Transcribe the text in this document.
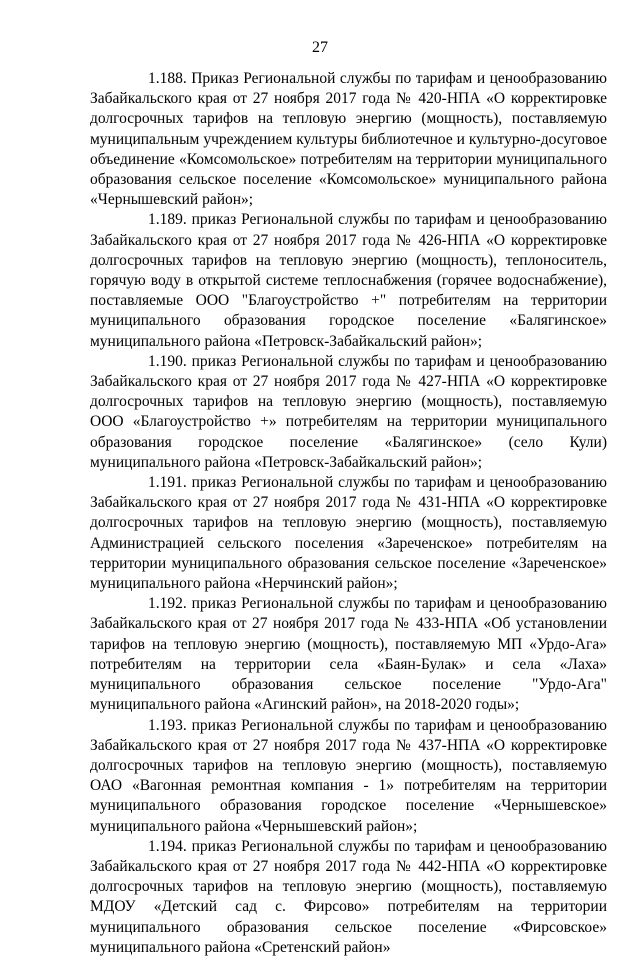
27

1.188. Приказ Региональной службы по тарифам и ценообразованию Забайкальского края от 27 ноября 2017 года № 420-НПА «О корректировке долгосрочных тарифов на тепловую энергию (мощность), поставляемую муниципальным учреждением культуры библиотечное и культурно-досуговое объединение «Комсомольское» потребителям на территории муниципального образования сельское поселение «Комсомольское» муниципального района «Чернышевский район»;

1.189. приказ Региональной службы по тарифам и ценообразованию Забайкальского края от 27 ноября 2017 года № 426-НПА «О корректировке долгосрочных тарифов на тепловую энергию (мощность), теплоноситель, горячую воду в открытой системе теплоснабжения (горячее водоснабжение), поставляемые ООО "Благоустройство +" потребителям на территории муниципального образования городское поселение «Балягинское» муниципального района «Петровск-Забайкальский район»;

1.190. приказ Региональной службы по тарифам и ценообразованию Забайкальского края от 27 ноября 2017 года № 427-НПА «О корректировке долгосрочных тарифов на тепловую энергию (мощность), поставляемую ООО «Благоустройство +» потребителям на территории муниципального образования городское поселение «Балягинское» (село Кули) муниципального района «Петровск-Забайкальский район»;

1.191. приказ Региональной службы по тарифам и ценообразованию Забайкальского края от 27 ноября 2017 года № 431-НПА «О корректировке долгосрочных тарифов на тепловую энергию (мощность), поставляемую Администрацией сельского поселения «Зареченское» потребителям на территории муниципального образования сельское поселение «Зареченское» муниципального района «Нерчинский район»;

1.192. приказ Региональной службы по тарифам и ценообразованию Забайкальского края от 27 ноября 2017 года № 433-НПА «Об установлении тарифов на тепловую энергию (мощность), поставляемую МП «Урдо-Ага» потребителям на территории села «Баян-Булак» и села «Лаха» муниципального образования сельское поселение "Урдо-Ага" муниципального района «Агинский район», на 2018-2020 годы»;

1.193. приказ Региональной службы по тарифам и ценообразованию Забайкальского края от 27 ноября 2017 года № 437-НПА «О корректировке долгосрочных тарифов на тепловую энергию (мощность), поставляемую ОАО «Вагонная ремонтная компания - 1» потребителям на территории муниципального образования городское поселение «Чернышевское» муниципального района «Чернышевский район»;

1.194. приказ Региональной службы по тарифам и ценообразованию Забайкальского края от 27 ноября 2017 года № 442-НПА «О корректировке долгосрочных тарифов на тепловую энергию (мощность), поставляемую МДОУ «Детский сад с. Фирсово» потребителям на территории муниципального образования сельское поселение «Фирсовское» муниципального района «Сретенский район»
